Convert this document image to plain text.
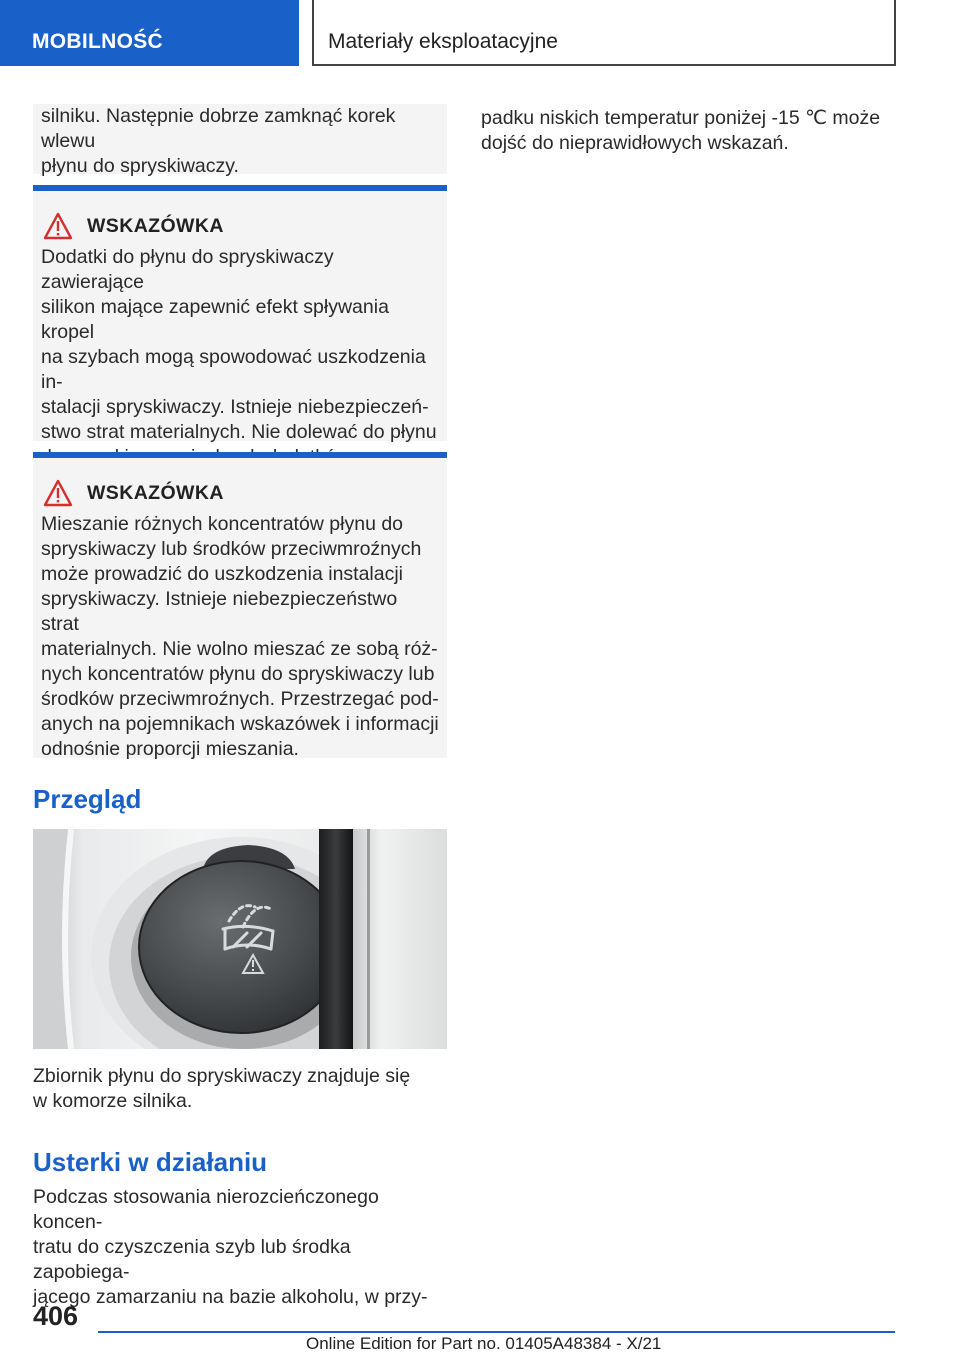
MOBILNOŚĆ	Materiały eksploatacyjne
silniku. Następnie dobrze zamknąć korek wlewu
płynu do spryskiwaczy.
WSKAZÓWKA
Dodatki do płynu do spryskiwaczy zawierające
silikon mające zapewnić efekt spływania kropel
na szybach mogą spowodować uszkodzenia in-
stalacji spryskiwaczy. Istnieje niebezpieczeń-
stwo strat materialnych. Nie dolewać do płynu
WSKAZÓWKA
Mieszanie różnych koncentratów płynu do
spryskiwaczy lub środków przeciwmroźnych
może prowadzić do uszkodzenia instalacji
spryskiwaczy. Istnieje niebezpieczeństwo strat
materialnych. Nie wolno mieszać ze sobą róż-
nych koncentratów płynu do spryskiwaczy lub
środków przeciwmroźnych. Przestrzegać pod-
anych na pojemnikach wskazówek i informacji
odnośnie proporcji mieszania.
Przegląd
Zbiornik płynu do spryskiwaczy znajduje się
w komorze silnika.
Usterki w działaniu
Podczas stosowania nierozcieńczonego koncen-
tratu do czyszczenia szyb lub środka zapobiega-
jącego zamarzaniu na bazie alkoholu, w przy-
padku niskich temperatur poniżej -15 ℃ może
dojść do nieprawidłowych wskazań.
406
Online Edition for Part no. 01405A48384 - X/21
